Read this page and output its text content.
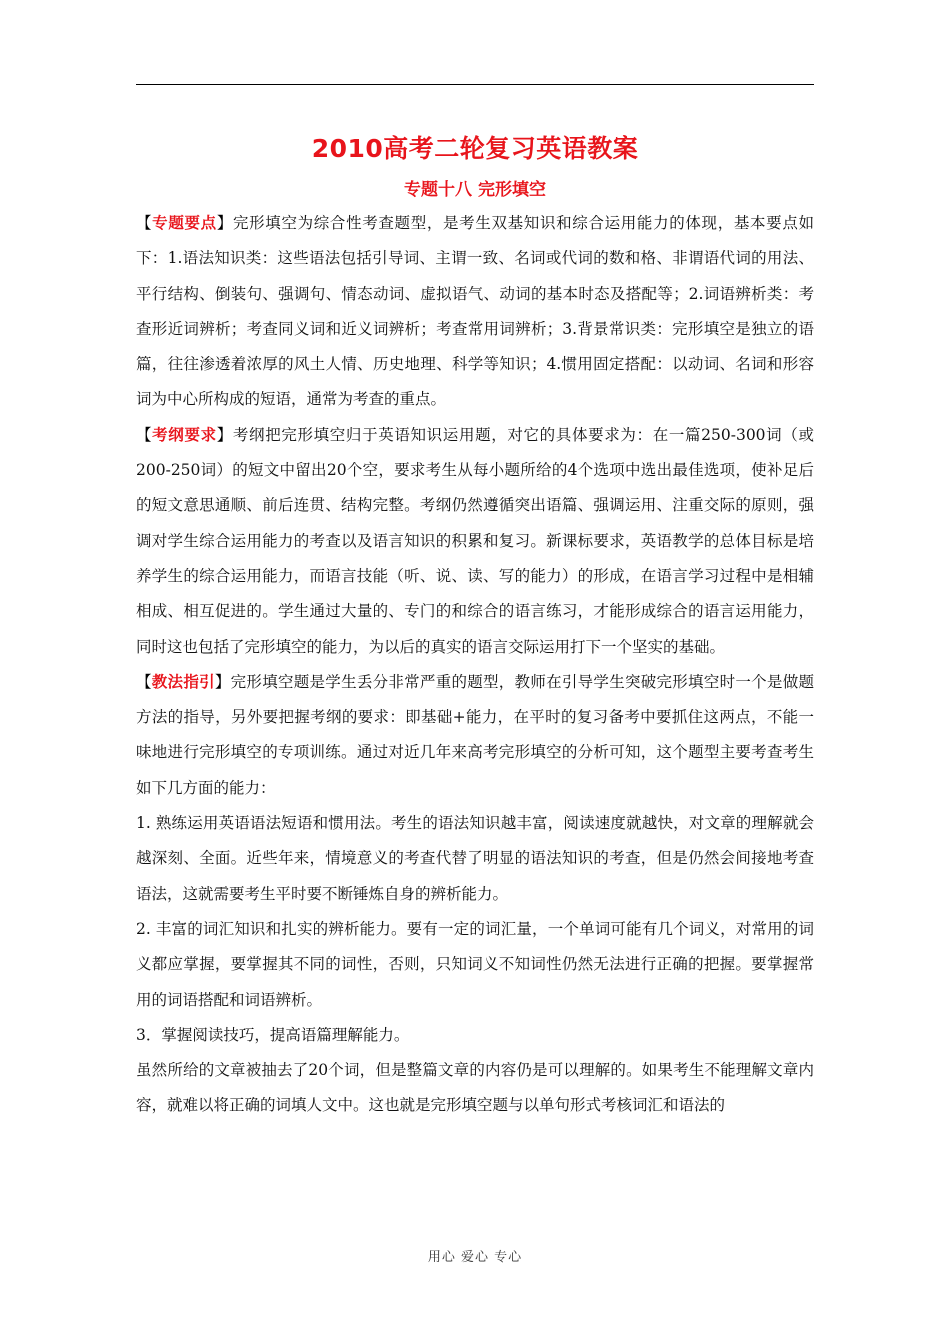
2010高考二轮复习英语教案
专题十八 完形填空

【专题要点】完形填空为综合性考查题型，是考生双基知识和综合运用能力的体现，基本要点如下：1.语法知识类：这些语法包括引导词、主谓一致、名词或代词的数和格、非谓语代词的用法、平行结构、倒装句、强调句、情态动词、虚拟语气、动词的基本时态及搭配等；2.词语辨析类：考查形近词辨析；考查同义词和近义词辨析；考查常用词辨析；3.背景常识类：完形填空是独立的语篇，往往渗透着浓厚的风土人情、历史地理、科学等知识；4.惯用固定搭配：以动词、名词和形容词为中心所构成的短语，通常为考查的重点。

【考纲要求】考纲把完形填空归于英语知识运用题，对它的具体要求为：在一篇250-300词（或200-250词）的短文中留出20个空，要求考生从每小题所给的4个选项中选出最佳选项，使补足后的短文意思通顺、前后连贯、结构完整。考纲仍然遵循突出语篇、强调运用、注重交际的原则，强调对学生综合运用能力的考查以及语言知识的积累和复习。新课标要求，英语教学的总体目标是培养学生的综合运用能力，而语言技能（听、说、读、写的能力）的形成，在语言学习过程中是相辅相成、相互促进的。学生通过大量的、专门的和综合的语言练习，才能形成综合的语言运用能力，同时这也包括了完形填空的能力，为以后的真实的语言交际运用打下一个坚实的基础。

【教法指引】完形填空题是学生丢分非常严重的题型，教师在引导学生突破完形填空时一个是做题方法的指导，另外要把握考纲的要求：即基础+能力，在平时的复习备考中要抓住这两点，不能一味地进行完形填空的专项训练。通过对近几年来高考完形填空的分析可知，这个题型主要考查考生如下几方面的能力：

1. 熟练运用英语语法短语和惯用法。考生的语法知识越丰富，阅读速度就越快，对文章的理解就会越深刻、全面。近些年来，情境意义的考查代替了明显的语法知识的考查，但是仍然会间接地考查语法，这就需要考生平时要不断锤炼自身的辨析能力。

2. 丰富的词汇知识和扎实的辨析能力。要有一定的词汇量，一个单词可能有几个词义，对常用的词义都应掌握，要掌握其不同的词性，否则，只知词义不知词性仍然无法进行正确的把握。要掌握常用的词语搭配和词语辨析。

3．掌握阅读技巧，提高语篇理解能力。

虽然所给的文章被抽去了20个词，但是整篇文章的内容仍是可以理解的。如果考生不能理解文章内容，就难以将正确的词填人文中。这也就是完形填空题与以单句形式考核词汇和语法的

用心 爱心 专心
